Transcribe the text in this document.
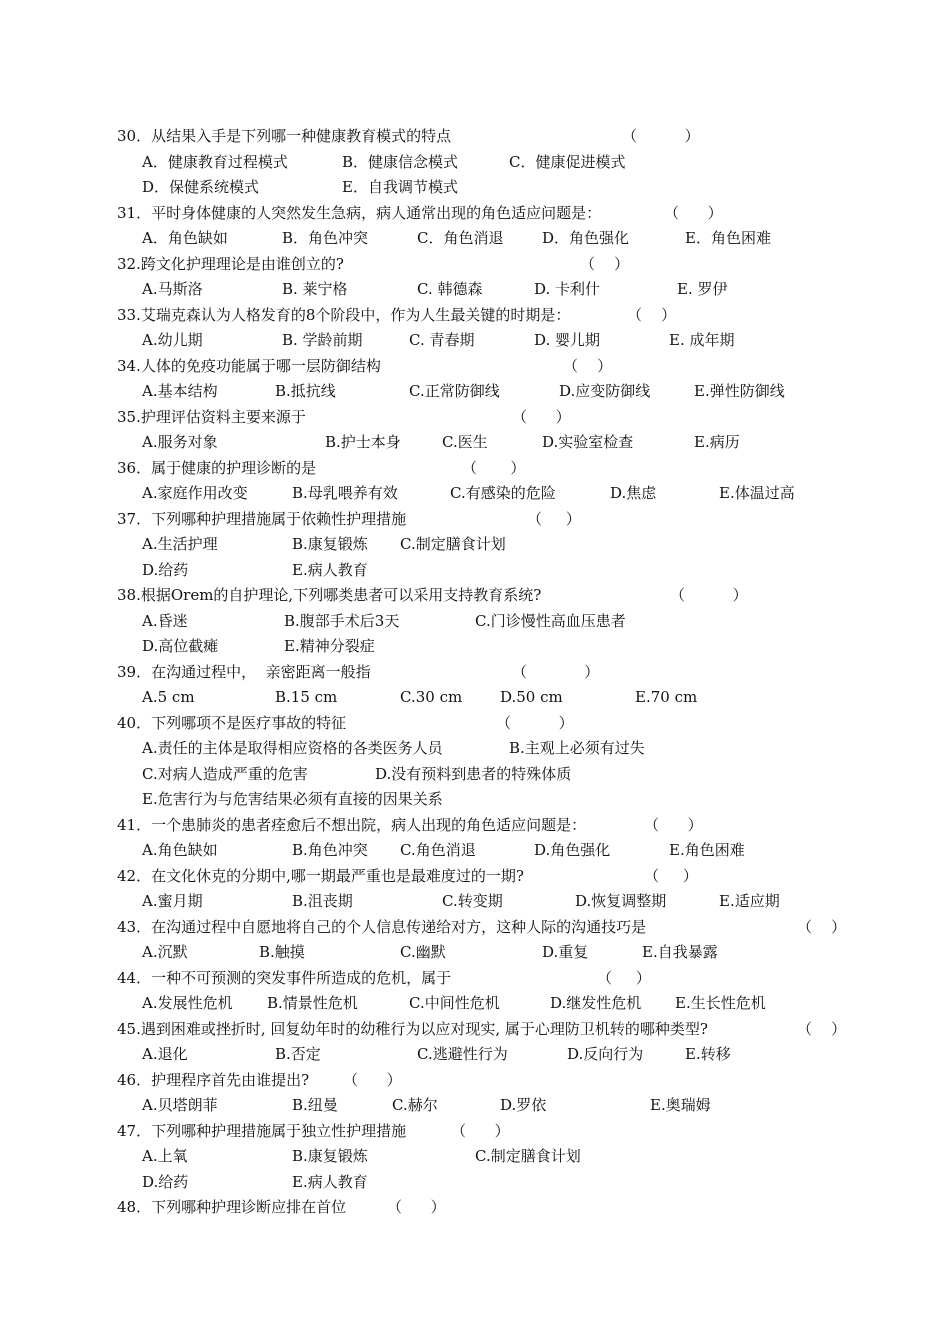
30．从结果入手是下列哪一种健康教育模式的特点	（          ）
A．健康教育过程模式	B．健康信念模式	C．健康促进模式
D．保健系统模式	E．自我调节模式
31．平时身体健康的人突然发生急病，病人通常出现的角色适应问题是：	（      ）
A．角色缺如	B．角色冲突	C．角色消退	D．角色强化	E．角色困难
32.跨文化护理理论是由谁创立的?	（    ）
A.马斯洛	B. 莱宁格	C. 韩德森	D. 卡利什	E. 罗伊
33.艾瑞克森认为人格发育的8个阶段中，作为人生最关键的时期是：	（    ）
A.幼儿期	B. 学龄前期	C. 青春期	D. 婴儿期	E. 成年期
34.人体的免疫功能属于哪一层防御结构	（    ）
A.基本结构	B.抵抗线	C.正常防御线	D.应变防御线	E.弹性防御线
35.护理评估资料主要来源于	（      ）
A.服务对象	B.护士本身	C.医生	D.实验室检查	E.病历
36．属于健康的护理诊断的是	（       ）
A.家庭作用改变	B.母乳喂养有效	C.有感染的危险	D.焦虑	E.体温过高
37．下列哪种护理措施属于依赖性护理措施	（     ）
A.生活护理	B.康复锻炼 C.制定膳食计划
D.给药	E.病人教育
38.根据Orem的自护理论,下列哪类患者可以采用支持教育系统?	（          ）
A.昏迷	B.腹部手术后3天	C.门诊慢性高血压患者
D.高位截瘫	E.精神分裂症
39．在沟通过程中，  亲密距离一般指	（            ）
A.5 cm	B.15 cm	C.30 cm	D.50 cm	E.70 cm
40．下列哪项不是医疗事故的特征	（          ）
A.责任的主体是取得相应资格的各类医务人员	B.主观上必须有过失
C.对病人造成严重的危害	D.没有预料到患者的特殊体质
E.危害行为与危害结果必须有直接的因果关系
41．一个患肺炎的患者痊愈后不想出院，病人出现的角色适应问题是：	（      ）
A.角色缺如	B.角色冲突 C.角色消退	D.角色强化	E.角色困难
42．在文化休克的分期中,哪一期最严重也是最难度过的一期?	（     ）
A.蜜月期	B.沮丧期	C.转变期	D.恢复调整期	E.适应期
43．在沟通过程中自愿地将自己的个人信息传递给对方，这种人际的沟通技巧是	（    ）
A.沉默	B.触摸	C.幽默	D.重复	E.自我暴露
44．一种不可预测的突发事件所造成的危机，属于	（     ）
A.发展性危机 B.情景性危机	C.中间性危机	D.继发性危机 E.生长性危机
45.遇到困难或挫折时, 回复幼年时的幼稚行为以应对现实, 属于心理防卫机转的哪种类型?	（    ）
A.退化	B.否定	C.逃避性行为	D.反向行为	E.转移
46．护理程序首先由谁提出? （      ）
A.贝塔朗菲	B.纽曼	C.赫尔	D.罗依	E.奥瑞姆
47．下列哪种护理措施属于独立性护理措施	（      ）
A.上氧	B.康复锻炼	C.制定膳食计划
D.给药	E.病人教育
48．下列哪种护理诊断应排在首位	（      ）
